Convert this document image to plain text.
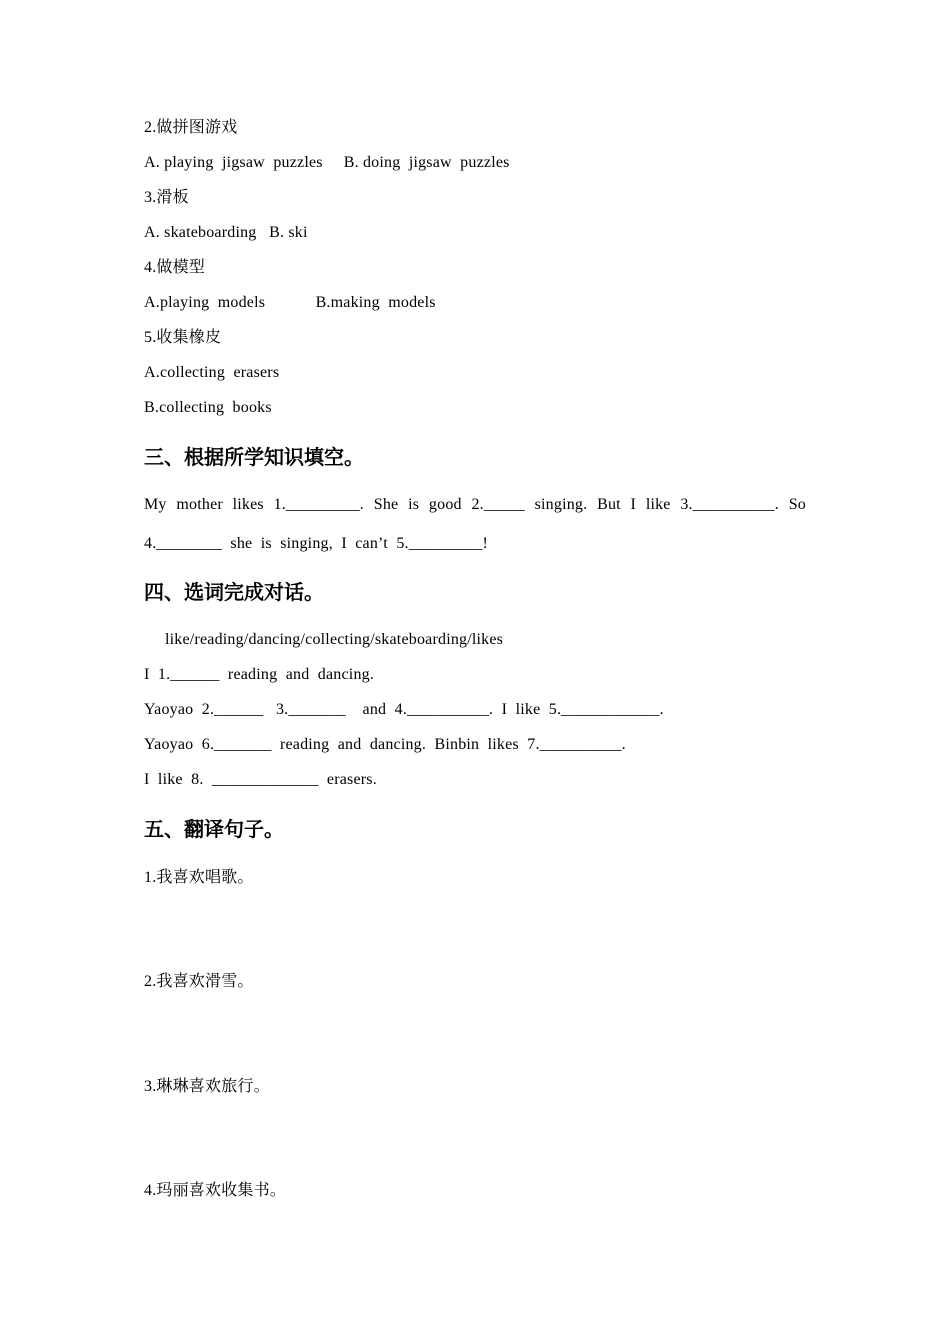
2.做拼图游戏
A. playing  jigsaw  puzzles     B. doing  jigsaw  puzzles
3.滑板
A. skateboarding   B. ski
4.做模型
A.playing  models            B.making  models
5.收集橡皮
A.collecting  erasers
B.collecting  books
三、根据所学知识填空。
My mother likes 1._________. She is good 2._____ singing. But I like 3.__________. So
4.________  she  is  singing,  I  can’t  5._________!
四、选词完成对话。
like/reading/dancing/collecting/skateboarding/likes
I  1.______  reading  and  dancing.
Yaoyao  2.______   3._______    and  4.__________.  I  like  5.____________.
Yaoyao  6._______  reading  and  dancing.  Binbin  likes  7.__________.
I  like  8.  _____________  erasers.
五、翻译句子。
1.我喜欢唱歌。
2.我喜欢滑雪。
3.琳琳喜欢旅行。
4.玛丽喜欢收集书。
